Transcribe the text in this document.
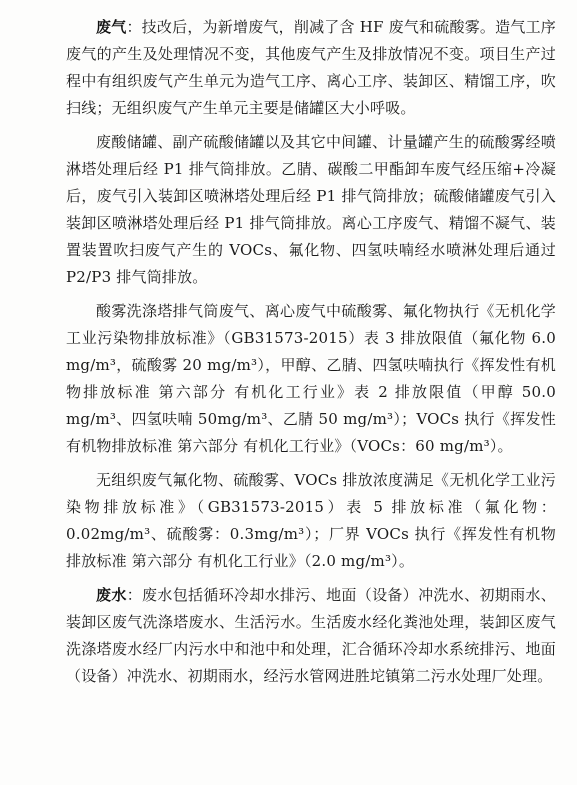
废气：技改后，为新增废气，削减了含 HF 废气和硫酸雾。造气工序废气的产生及处理情况不变，其他废气产生及排放情况不变。项目生产过程中有组织废气产生单元为造气工序、离心工序、装卸区、精馏工序，吹扫线；无组织废气产生单元主要是储罐区大小呼吸。

废酸储罐、副产硫酸储罐以及其它中间罐、计量罐产生的硫酸雾经喷淋塔处理后经 P1 排气筒排放。乙腈、碳酸二甲酯卸车废气经压缩+冷凝后，废气引入装卸区喷淋塔处理后经 P1 排气筒排放；硫酸储罐废气引入装卸区喷淋塔处理后经 P1 排气筒排放。离心工序废气、精馏不凝气、装置装置吹扫废气产生的 VOCs、氟化物、四氢呋喃经水喷淋处理后通过 P2/P3 排气筒排放。

酸雾洗涤塔排气筒废气、离心废气中硫酸雾、氟化物执行《无机化学工业污染物排放标准》（GB31573-2015）表 3 排放限值（氟化物 6.0 mg/m³，硫酸雾 20 mg/m³），甲醇、乙腈、四氢呋喃执行《挥发性有机物排放标准 第六部分 有机化工行业》表 2 排放限值（甲醇 50.0 mg/m³、四氢呋喃 50mg/m³、乙腈 50 mg/m³）；VOCs 执行《挥发性有机物排放标准 第六部分 有机化工行业》（VOCs：60 mg/m³）。

无组织废气氟化物、硫酸雾、VOCs 排放浓度满足《无机化学工业污染物排放标准》（GB31573-2015）表 5 排放标准（氟化物：0.02mg/m³、硫酸雾：0.3mg/m³）；厂界 VOCs 执行《挥发性有机物排放标准 第六部分 有机化工行业》（2.0 mg/m³）。

废水：废水包括循环冷却水排污、地面（设备）冲洗水、初期雨水、装卸区废气洗涤塔废水、生活污水。生活废水经化粪池处理，装卸区废气洗涤塔废水经厂内污水中和池中和处理，汇合循环冷却水系统排污、地面（设备）冲洗水、初期雨水，经污水管网进胜坨镇第二污水处理厂处理。
